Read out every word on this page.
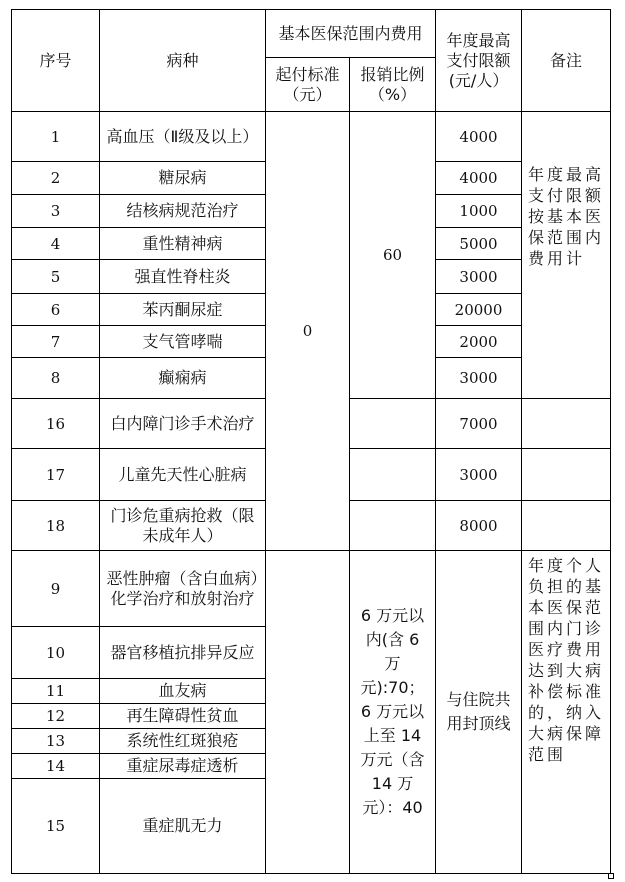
序号	病种	基本医保范围内费用		年度最高支付限额(元/人）	备注
		起付标准（元）	报销比例（%）		
1	高血压（Ⅱ级及以上）	0	60	4000	年度最高支付限额按基本医保范围内费用计
2	糖尿病			4000	
3	结核病规范治疗			1000	
4	重性精神病			5000	
5	强直性脊柱炎			3000	
6	苯丙酮尿症			20000	
7	支气管哮喘			2000	
8	癫痫病			3000	
16	白内障门诊手术治疗			7000	
17	儿童先天性心脏病			3000	
18	门诊危重病抢救（限未成年人）			8000	
9	恶性肿瘤（含白血病）化学治疗和放射治疗		6 万元以内(含 6 万元):70；6 万元以上至 14 万元（含 14 万元）：40	与住院共用封顶线	年度个人负担的基本医保范围内门诊医疗费用达到大病补偿标准的，纳入大病保障范围
10	器官移植抗排异反应				
11	血友病				
12	再生障碍性贫血				
13	系统性红斑狼疮				
14	重症尿毒症透析				
15	重症肌无力				
